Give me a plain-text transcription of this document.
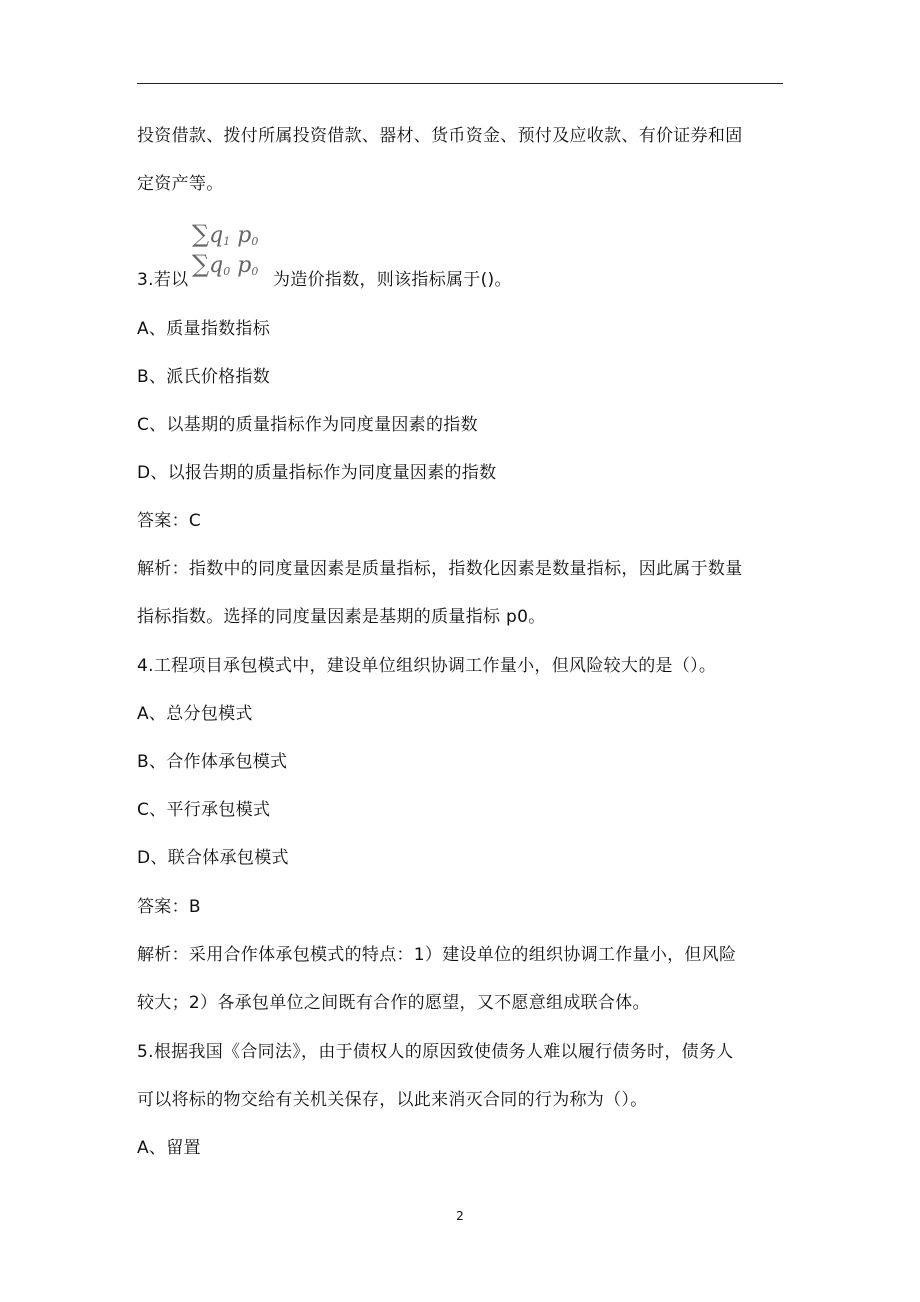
投资借款、拨付所属投资借款、器材、货币资金、预付及应收款、有价证券和固
定资产等。
3.若以
$\sum q_1$ $p_0$
$\sum q_0$ $p_0$ 为造价指数，则该指标属于()。
A、质量指数指标
B、派氏价格指数
C、以基期的质量指标作为同度量因素的指数
D、以报告期的质量指标作为同度量因素的指数
答案：C
解析：指数中的同度量因素是质量指标，指数化因素是数量指标，因此属于数量
指标指数。选择的同度量因素是基期的质量指标 p0。
4.工程项目承包模式中，建设单位组织协调工作量小，但风险较大的是（）。
A、总分包模式
B、合作体承包模式
C、平行承包模式
D、联合体承包模式
答案：B
解析：采用合作体承包模式的特点：1）建设单位的组织协调工作量小，但风险
较大；2）各承包单位之间既有合作的愿望，又不愿意组成联合体。
5.根据我国《合同法》，由于债权人的原因致使债务人难以履行债务时，债务人
可以将标的物交给有关机关保存，以此来消灭合同的行为称为（）。
A、留置
2
